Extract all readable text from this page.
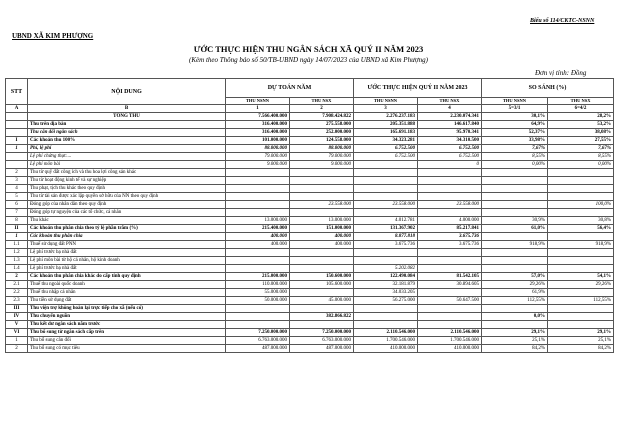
Biểu số 114/CKTC-NSNN
UBND XÃ KIM PHƯỢNG
ƯỚC THỰC HIỆN THU NGÂN SÁCH XÃ QUÝ II NĂM 2023
(Kèm theo Thông báo số 50/TB-UBND ngày 14/07/2023 của UBND xã Kim Phượng)
Đơn vị tính: Đồng
STT	NỘI DUNG	DỰ TOÁN NĂM		ƯỚC THỰC HIỆN QUÝ II NĂM 2023		SO SÁNH (%)	
		THU NSNN	THU NSX	THU NSNN	THU NSX	THU NSNN	THU NSX
A	B	1	2	3	4	5=3/1	6=4/2
	TỔNG THU	7.566.400.000	7.908.424.822	2.276.237.183	2.230.074.341	30,1%	28,2%
	Thu trên địa bàn	316.400.000	275.558.000	205.351.888	146.617.840	64,9%	53,2%
	Thu cân đối ngân sách	316.400.000	252.000.000	165.691.183	95.970.341	52,37%	38,08%
I	Các khoản thu 100%	101.000.000	124.558.000	34.323.281	34.310.500	33,98%	27,55%
1	Phí, lệ phí	88.000.000	88.000.000	6.752.500	6.752.500	7,67%	7,67%
	Lệ phí chứng thực....	79.000.000	79.000.000	6.752.500	6.752.500	8,55%	8,55%
	Lệ phí môn bài	9.000.000	9.000.000		0	0,00%	0,00%
2	Thu từ quỹ đất công ích và thu hoa lợi công sản khác						
3	Thu từ hoạt động kinh tế và sự nghiệp						
4	Thu phạt, tịch thu khác theo quy định						
5	Thu từ tài sản được xác lập quyền sở hữu của NN theo quy định						
6	Đóng góp của nhân dân theo quy định		23.558.000	23.558.000	23.558.000		100,0%
7	Đóng góp tự nguyện của các tổ chức, cá nhân						
8	Thu khác	13.000.000	13.000.000	4.012.781	4.000.000	30,9%	30,8%
II	Các khoản thu phân chia theo tỷ lệ phần trăm (%)	215.400.000	151.000.000	131.367.902	85.217.841	61,0%	56,4%
1	Các khoản thu phân chia	400.000	400.000	8.877.818	3.675.736		
1.1	Thuế sử dụng đất PNN	400.000	400.000	3.675.736	3.675.736	918,9%	918,9%
1.2	Lệ phí trước bạ nhà đất						
1.3	Lệ phí môn bài từ hộ cá nhân, hộ kinh doanh						
1.4	Lệ phí trước bạ nhà đất			5.202.082			
2	Các khoản thu phân chia khác do cấp tỉnh quy định	215.000.000	150.600.000	122.490.084	81.542.105	57,0%	54,1%
2.1	Thuế thu ngoài quốc doanh	110.000.000	105.600.000	32.181.879	30.894.605	29,26%	29,26%
2.2	Thuế thu nhập cá nhân	55.000.000		34.033.205		61,9%	
2.3	Thu tiền sử dụng đất	50.000.000	45.000.000	56.275.000	50.647.500	112,55%	112,55%
III	Thu viện trợ không hoàn lại trực tiếp cho xã (nếu có)						
IV	Thu chuyển nguồn		382.866.822			0,0%	
V	Thu kết dư ngân sách năm trước						
VI	Thu bổ sung từ ngân sách cấp trên	7.250.000.000	7.250.000.000	2.110.546.000	2.110.546.000	29,1%	29,1%
1	Thu bổ sung cân đối	6.763.000.000	6.763.000.000	1.700.546.000	1.700.546.000	25,1%	25,1%
2	Thu bổ sung có mục tiêu	487.000.000	487.000.000	410.000.000	410.000.000	84,2%	84,2%
